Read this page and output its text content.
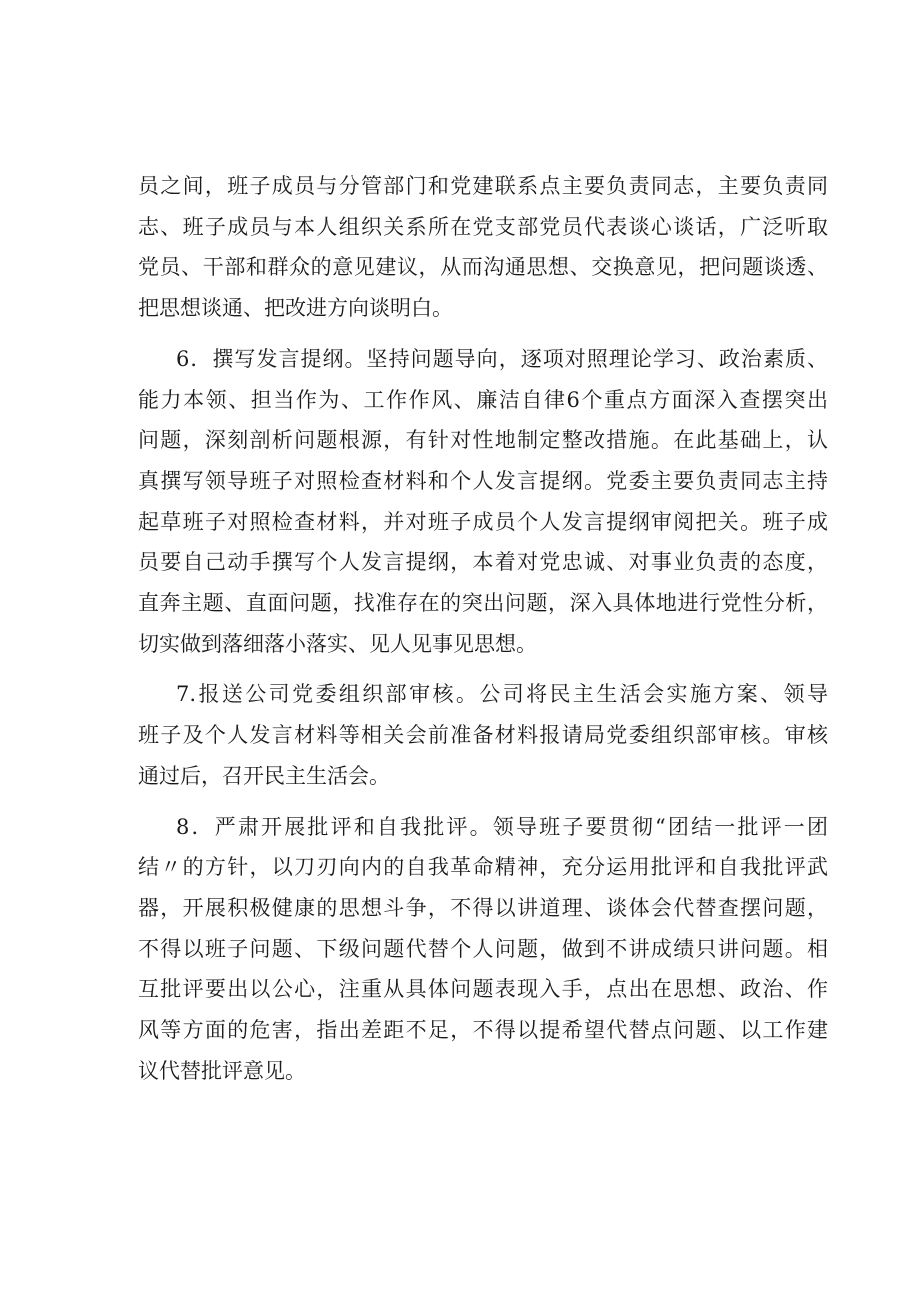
员之间，班子成员与分管部门和党建联系点主要负责同志，主要负责同
志、班子成员与本人组织关系所在党支部党员代表谈心谈话，广泛听取
党员、干部和群众的意见建议，从而沟通思想、交换意见，把问题谈透、
把思想谈通、把改进方向谈明白。

6．撰写发言提纲。坚持问题导向，逐项对照理论学习、政治素质、
能力本领、担当作为、工作作风、廉洁自律6个重点方面深入查摆突出
问题，深刻剖析问题根源，有针对性地制定整改措施。在此基础上，认
真撰写领导班子对照检查材料和个人发言提纲。党委主要负责同志主持
起草班子对照检查材料，并对班子成员个人发言提纲审阅把关。班子成
员要自己动手撰写个人发言提纲，本着对党忠诚、对事业负责的态度，
直奔主题、直面问题，找准存在的突出问题，深入具体地进行党性分析，
切实做到落细落小落实、见人见事见思想。

7.报送公司党委组织部审核。公司将民主生活会实施方案、领导
班子及个人发言材料等相关会前准备材料报请局党委组织部审核。审核
通过后，召开民主生活会。

8．严肃开展批评和自我批评。领导班子要贯彻“团结一批评一团
结〃的方针，以刀刃向内的自我革命精神，充分运用批评和自我批评武
器，开展积极健康的思想斗争，不得以讲道理、谈体会代替查摆问题，
不得以班子问题、下级问题代替个人问题，做到不讲成绩只讲问题。相
互批评要出以公心，注重从具体问题表现入手，点出在思想、政治、作
风等方面的危害，指出差距不足，不得以提希望代替点问题、以工作建
议代替批评意见。
